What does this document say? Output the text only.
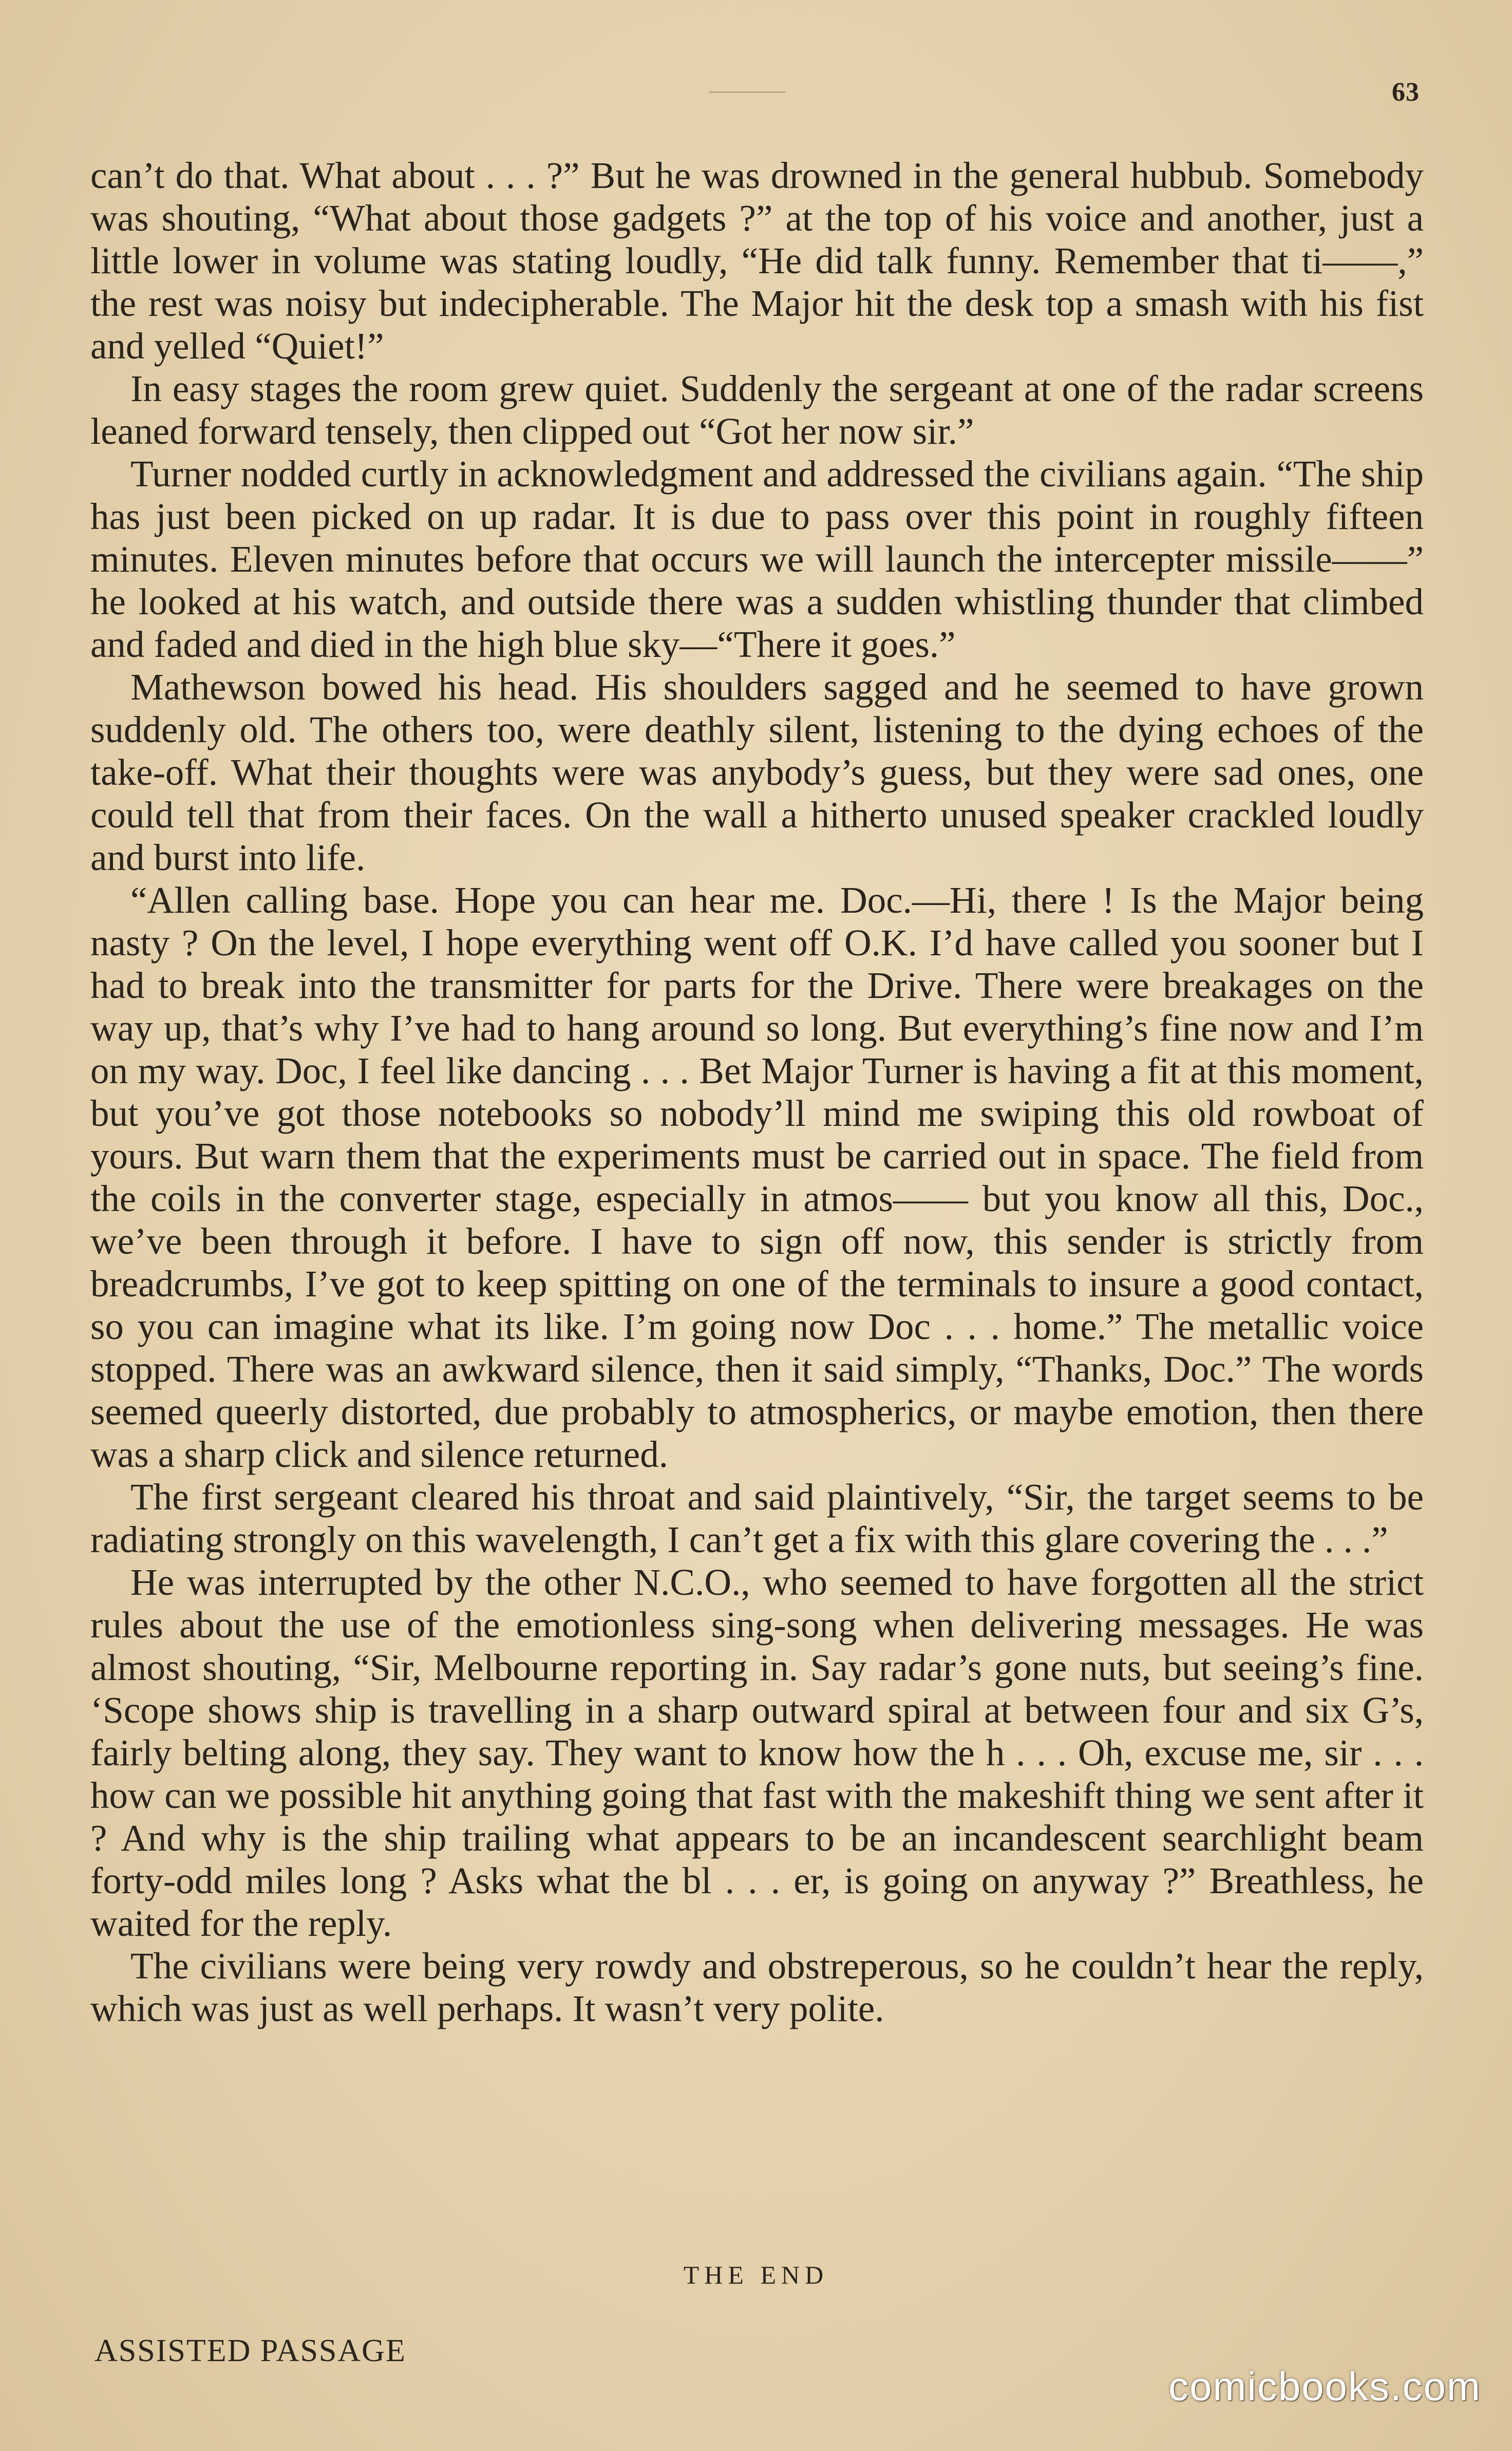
63

can’t do that. What about . . . ?” But he was drowned in the general hubbub. Somebody was shouting, “What about those gadgets ?” at the top of his voice and another, just a little lower in volume was stating loudly, “He did talk funny. Remember that ti——,” the rest was noisy but indecipherable. The Major hit the desk top a smash with his fist and yelled “Quiet!”

In easy stages the room grew quiet. Suddenly the sergeant at one of the radar screens leaned forward tensely, then clipped out “Got her now sir.”

Turner nodded curtly in acknowledgment and addressed the civilians again. “The ship has just been picked on up radar. It is due to pass over this point in roughly fifteen minutes. Eleven minutes before that occurs we will launch the intercepter missile——” he looked at his watch, and outside there was a sudden whistling thunder that climbed and faded and died in the high blue sky—“There it goes.”

Mathewson bowed his head. His shoulders sagged and he seemed to have grown suddenly old. The others too, were deathly silent, listening to the dying echoes of the take-off. What their thoughts were was anybody’s guess, but they were sad ones, one could tell that from their faces. On the wall a hitherto unused speaker crackled loudly and burst into life.

“Allen calling base. Hope you can hear me. Doc.—Hi, there ! Is the Major being nasty ? On the level, I hope everything went off O.K. I’d have called you sooner but I had to break into the transmitter for parts for the Drive. There were breakages on the way up, that’s why I’ve had to hang around so long. But everything’s fine now and I’m on my way. Doc, I feel like dancing . . . Bet Major Turner is having a fit at this moment, but you’ve got those notebooks so nobody’ll mind me swiping this old rowboat of yours. But warn them that the experiments must be carried out in space. The field from the coils in the converter stage, especially in atmos—— but you know all this, Doc., we’ve been through it before. I have to sign off now, this sender is strictly from breadcrumbs, I’ve got to keep spitting on one of the terminals to insure a good contact, so you can imagine what its like. I’m going now Doc . . . home.” The metallic voice stopped. There was an awkward silence, then it said simply, “Thanks, Doc.” The words seemed queerly distorted, due probably to atmospherics, or maybe emotion, then there was a sharp click and silence returned.

The first sergeant cleared his throat and said plaintively, “Sir, the target seems to be radiating strongly on this wavelength, I can’t get a fix with this glare covering the . . .”

He was interrupted by the other N.C.O., who seemed to have forgotten all the strict rules about the use of the emotionless sing-song when delivering messages. He was almost shouting, “Sir, Melbourne reporting in. Say radar’s gone nuts, but seeing’s fine. ‘Scope shows ship is travelling in a sharp outward spiral at between four and six G’s, fairly belting along, they say. They want to know how the h . . . Oh, excuse me, sir . . . how can we possible hit anything going that fast with the makeshift thing we sent after it ? And why is the ship trailing what appears to be an incandescent searchlight beam forty-odd miles long ? Asks what the bl . . . er, is going on anyway ?” Breathless, he waited for the reply.

The civilians were being very rowdy and obstreperous, so he couldn’t hear the reply, which was just as well perhaps. It wasn’t very polite.

THE END
ASSISTED PASSAGE
comicbooks.com
